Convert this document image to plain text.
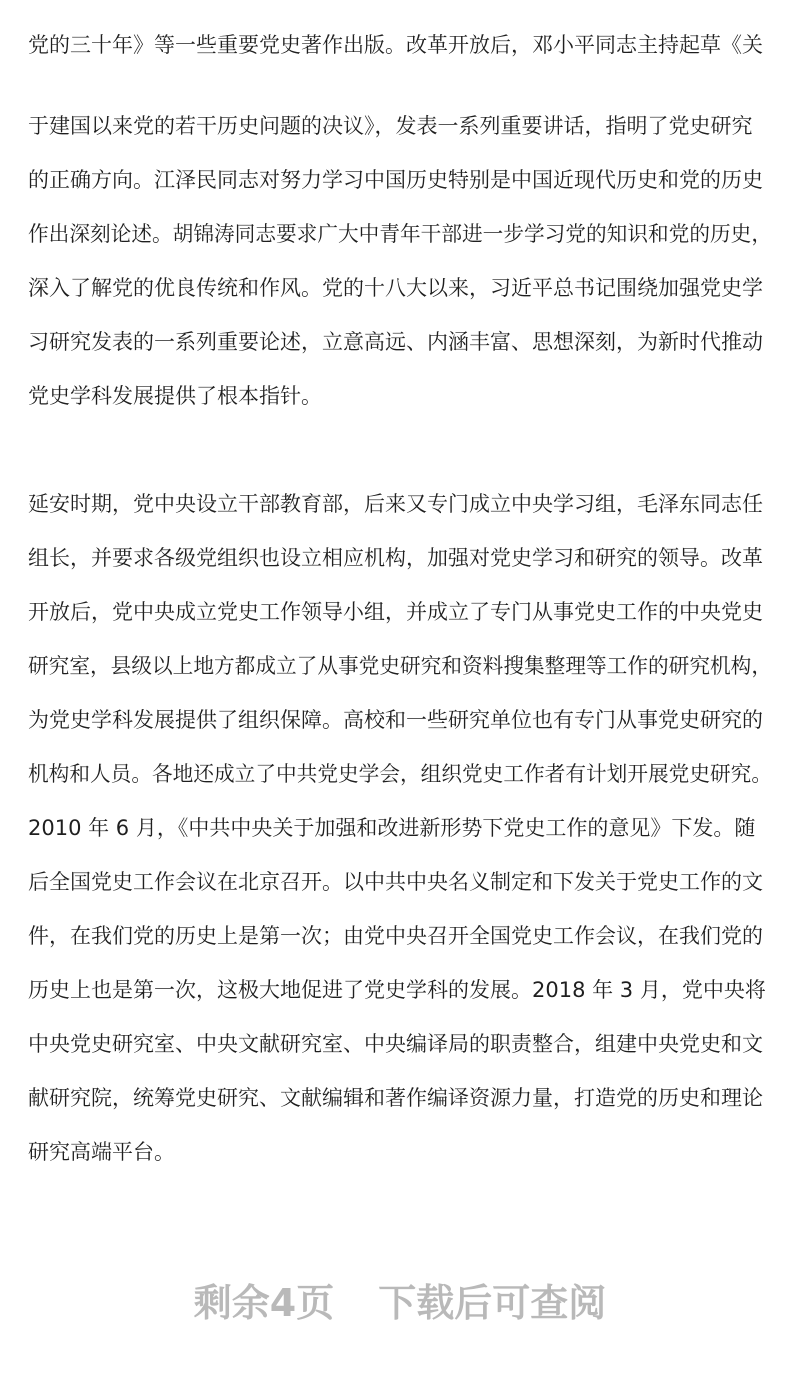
党的三十年》等一些重要党史著作出版。改革开放后，邓小平同志主持起草《关
于建国以来党的若干历史问题的决议》，发表一系列重要讲话，指明了党史研究
的正确方向。江泽民同志对努力学习中国历史特别是中国近现代历史和党的历史
作出深刻论述。胡锦涛同志要求广大中青年干部进一步学习党的知识和党的历史，
深入了解党的优良传统和作风。党的十八大以来，习近平总书记围绕加强党史学
习研究发表的一系列重要论述，立意高远、内涵丰富、思想深刻，为新时代推动
党史学科发展提供了根本指针。
延安时期，党中央设立干部教育部，后来又专门成立中央学习组，毛泽东同志任
组长，并要求各级党组织也设立相应机构，加强对党史学习和研究的领导。改革
开放后，党中央成立党史工作领导小组，并成立了专门从事党史工作的中央党史
研究室，县级以上地方都成立了从事党史研究和资料搜集整理等工作的研究机构，
为党史学科发展提供了组织保障。高校和一些研究单位也有专门从事党史研究的
机构和人员。各地还成立了中共党史学会，组织党史工作者有计划开展党史研究。
2010 年 6 月，《中共中央关于加强和改进新形势下党史工作的意见》下发。随
后全国党史工作会议在北京召开。以中共中央名义制定和下发关于党史工作的文
件，在我们党的历史上是第一次；由党中央召开全国党史工作会议，在我们党的
历史上也是第一次，这极大地促进了党史学科的发展。2018 年 3 月，党中央将
中央党史研究室、中央文献研究室、中央编译局的职责整合，组建中央党史和文
献研究院，统筹党史研究、文献编辑和著作编译资源力量，打造党的历史和理论
研究高端平台。
剩余4页 下载后可查阅
